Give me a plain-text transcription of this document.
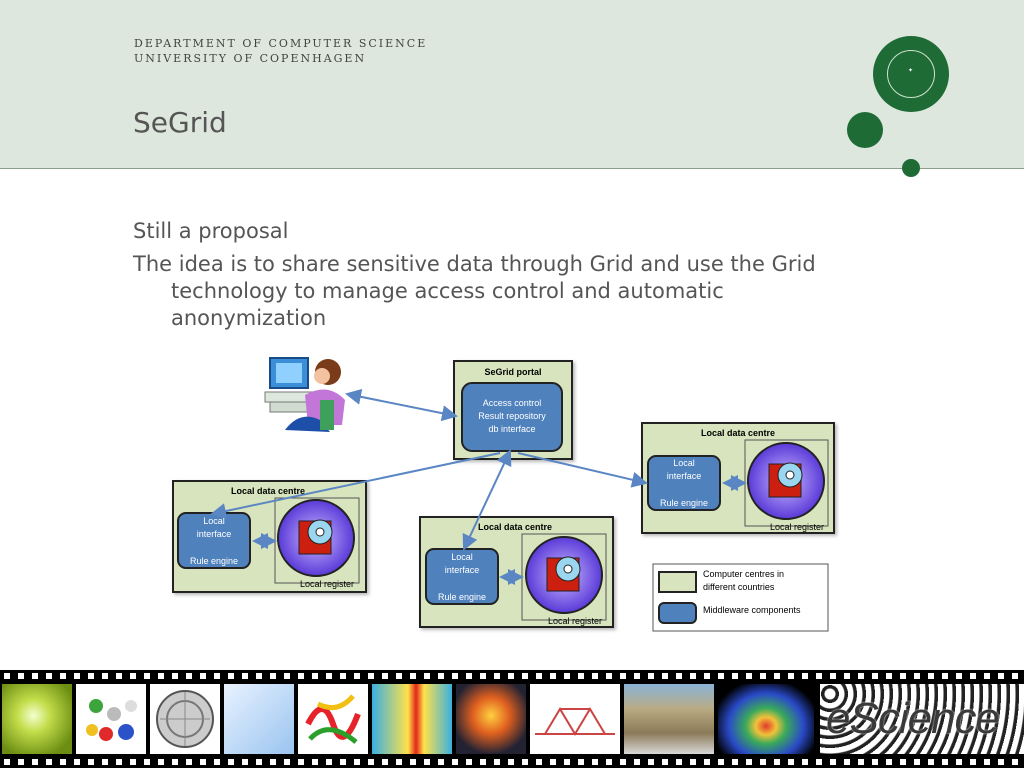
DEPARTMENT OF COMPUTER SCIENCE
UNIVERSITY OF COPENHAGEN
SeGrid
✦
Still a proposal
The idea is to share sensitive data through Grid and use the Grid technology to manage access control and automatic anonymization
SeGrid portal
Access control
Result repository
db interface
Local data centre
Local
interface
Rule engine
Local register
Local data centre
Local
interface
Rule engine
Local register
Local data centre
Local
interface
Rule engine
Local register
Computer centres in
different countries
Middleware components
eScience
